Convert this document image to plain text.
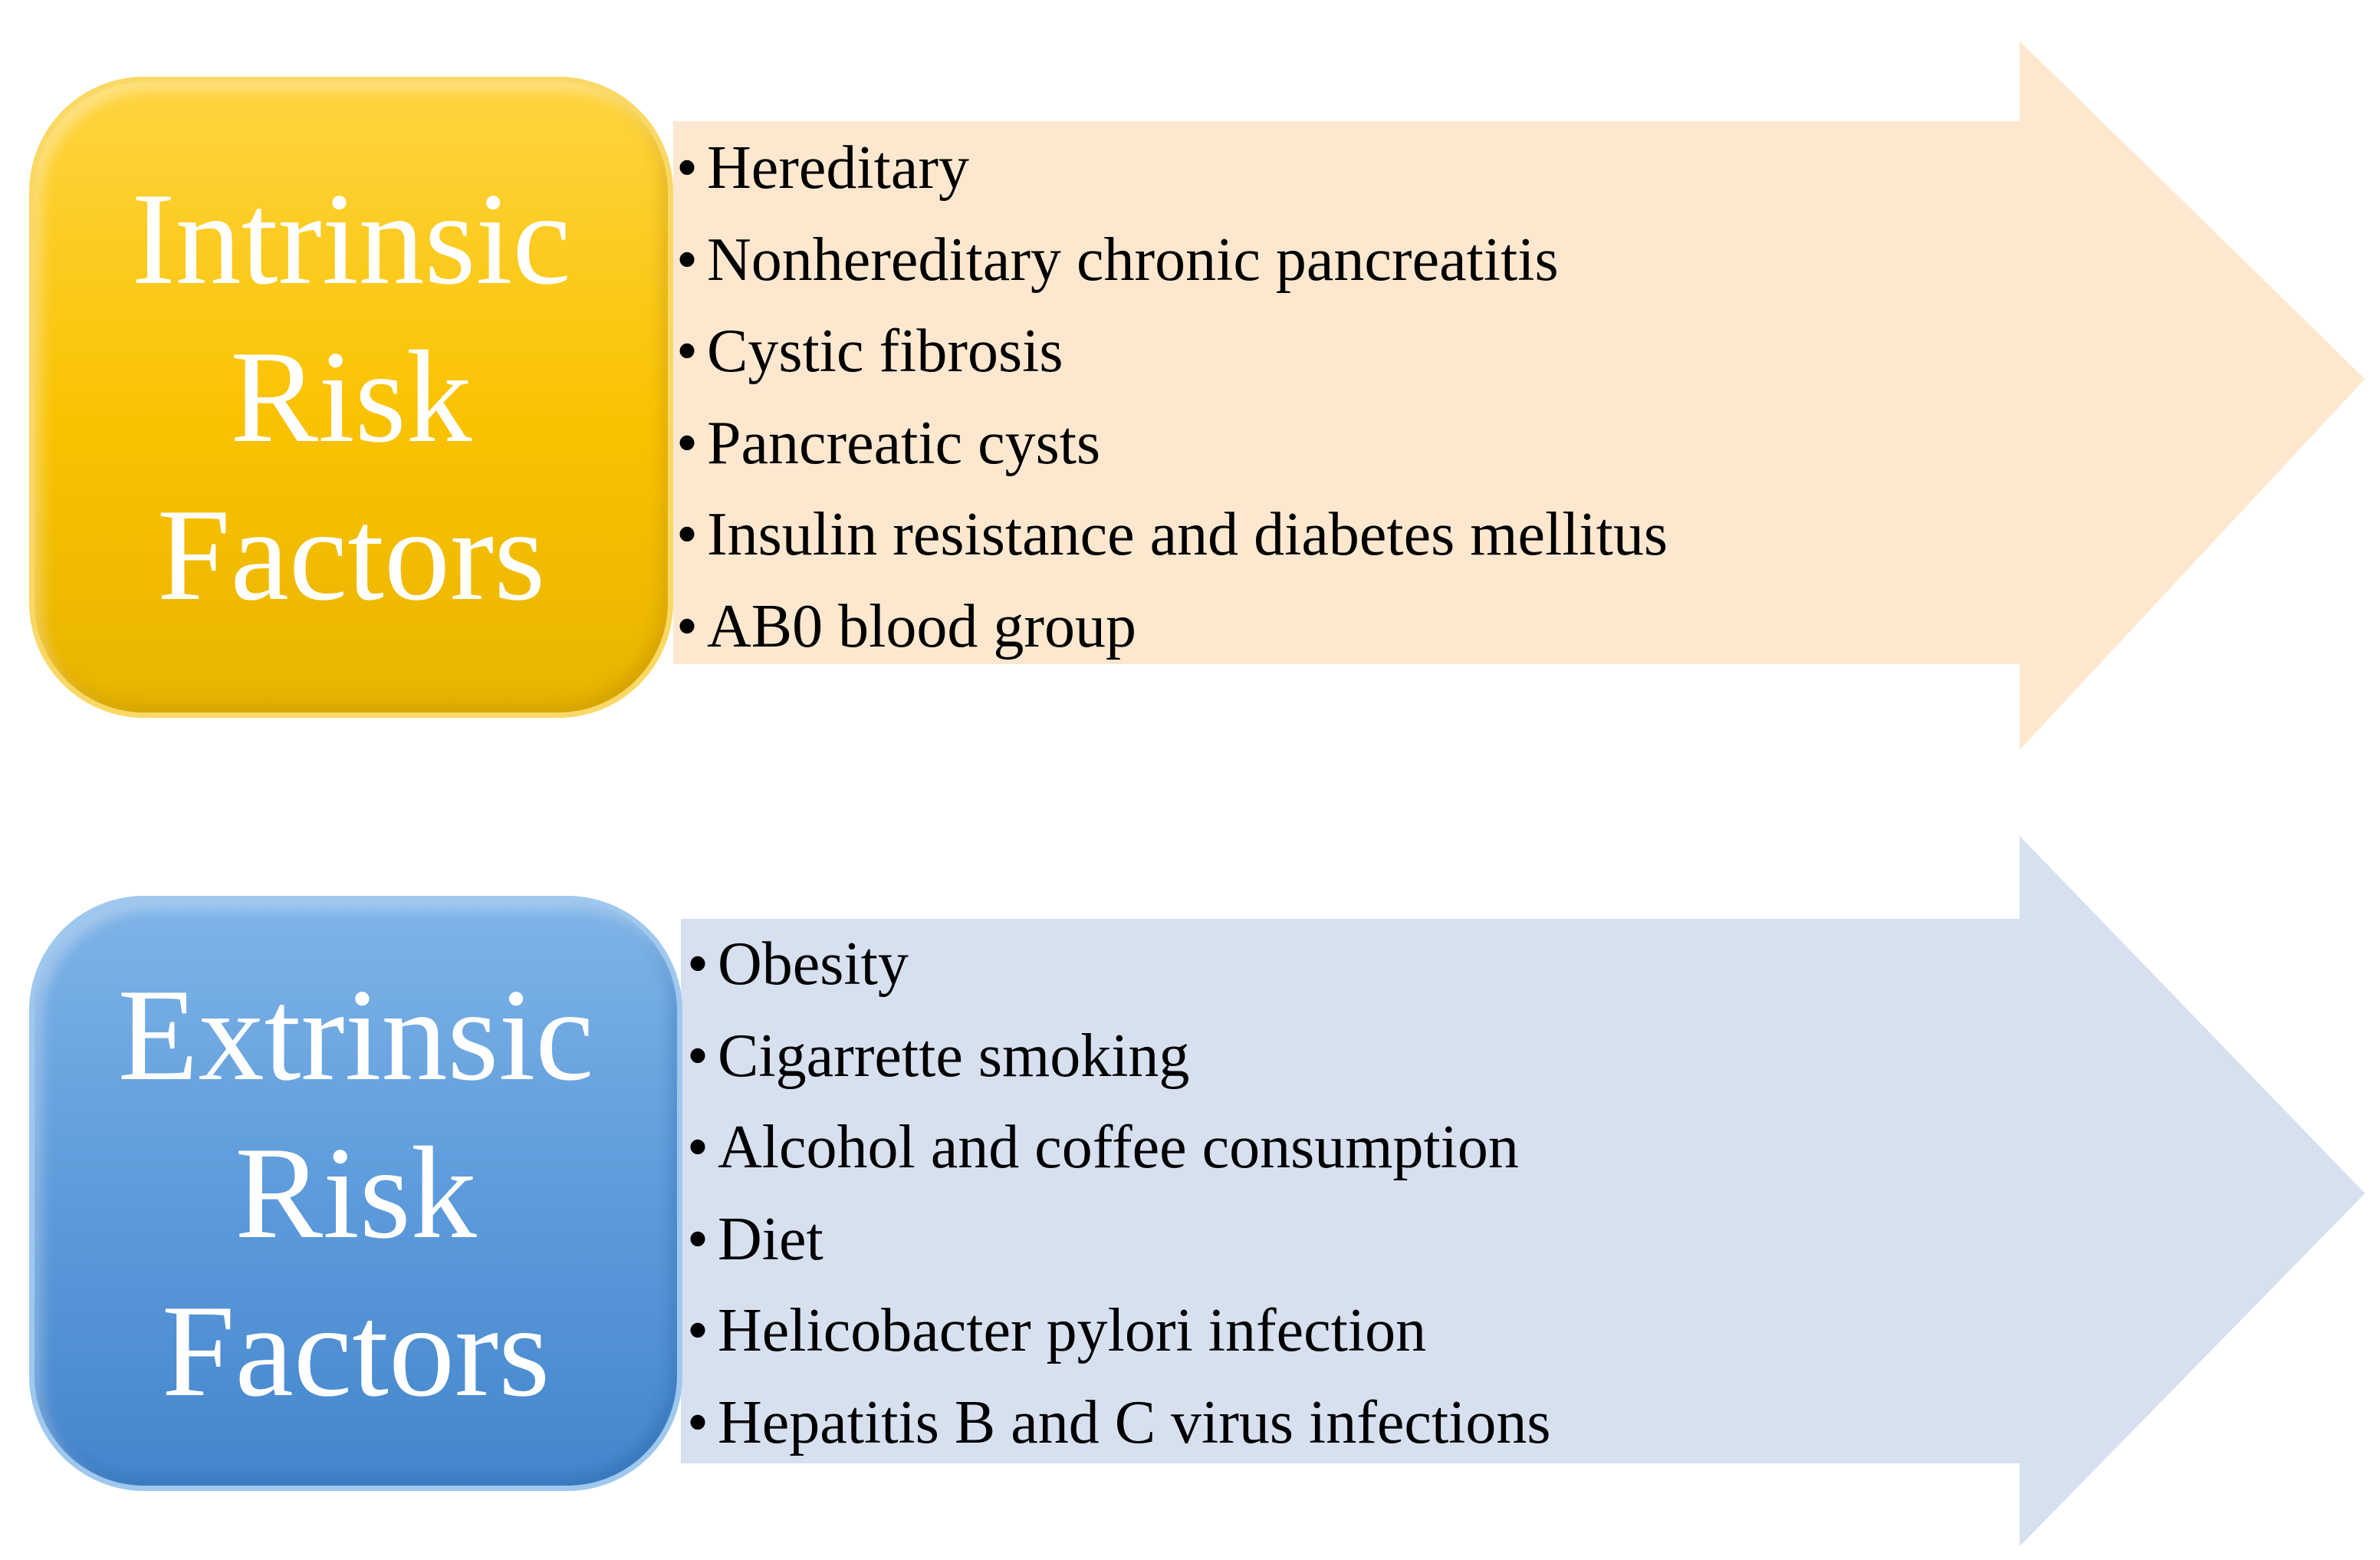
Intrinsic
Risk
Factors
• Hereditary
• Nonhereditary chronic pancreatitis
• Cystic fibrosis
• Pancreatic cysts
• Insulin resistance and diabetes mellitus
• AB0 blood group
Extrinsic
Risk
Factors
• Obesity
• Cigarrette smoking
• Alcohol and coffee consumption
• Diet
• Helicobacter pylori infection
• Hepatitis B and C virus infections
